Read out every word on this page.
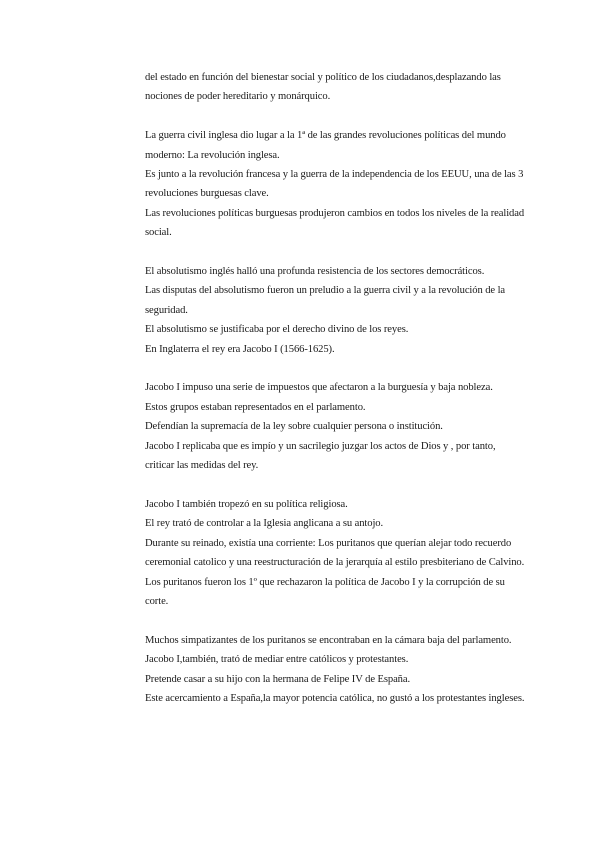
del estado en función del bienestar social y político de los ciudadanos,desplazando las nociones de poder hereditario y monárquico.
La guerra civil inglesa dio lugar a la 1ª de las grandes revoluciones políticas del mundo moderno: La revolución inglesa.
Es junto a la revolución francesa y la guerra de la independencia de los EEUU, una de las 3 revoluciones burguesas clave.
Las revoluciones políticas burguesas produjeron cambios en todos los niveles de la realidad social.
El absolutismo inglés halló una profunda resistencia de los sectores democráticos.
Las disputas del absolutismo fueron un preludio a la guerra civil y a la revolución de la seguridad.
El absolutismo se justificaba por el derecho divino de los reyes.
En Inglaterra el rey era Jacobo I (1566-1625).
Jacobo I impuso una serie de impuestos que afectaron a la burguesía y baja nobleza.
Estos grupos estaban representados en el parlamento.
Defendían la supremacía de la ley sobre cualquier persona o institución.
Jacobo I replicaba que es impío y un sacrilegio juzgar los actos de Dios y , por tanto, criticar las medidas del rey.
Jacobo I también tropezó en su política religiosa.
El rey trató de controlar a la Iglesia anglicana a su antojo.
Durante su reinado, existía una corriente: Los puritanos que querían alejar todo recuerdo ceremonial catolico y una reestructuración de la jerarquía al estilo presbiteriano de Calvino.
Los puritanos fueron los 1º que rechazaron la política de Jacobo I y la corrupción de su corte.
Muchos simpatizantes de los puritanos se encontraban en la cámara baja del parlamento.
Jacobo I,también, trató de mediar entre católicos y protestantes.
Pretende casar a su hijo con la hermana de Felipe IV de España.
Este acercamiento a España,la mayor potencia católica, no gustó a los protestantes ingleses.
